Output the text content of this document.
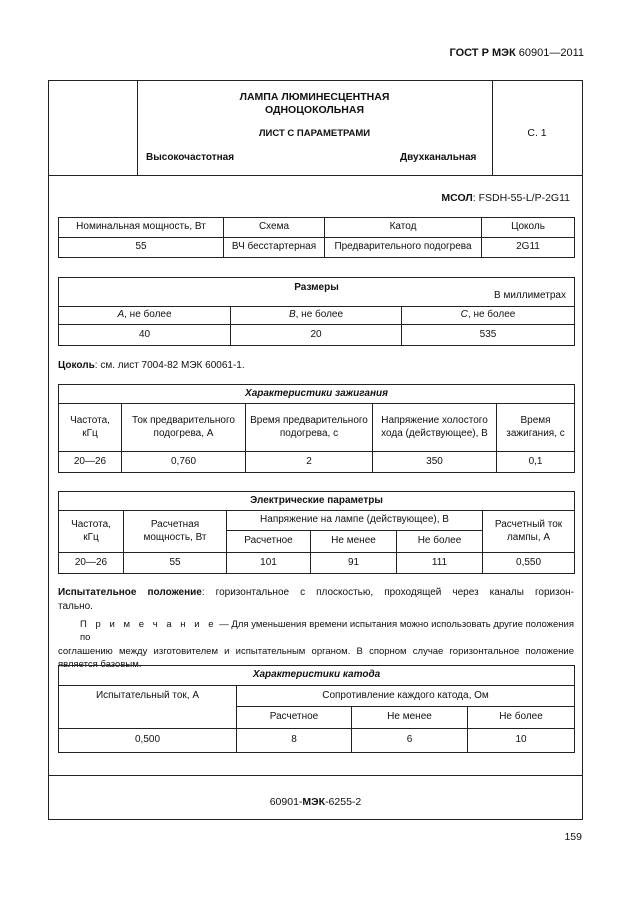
ГОСТ Р МЭК 60901—2011
ЛАМПА ЛЮМИНЕСЦЕНТНАЯ
ОДНОЦОКОЛЬНАЯ
ЛИСТ С ПАРАМЕТРАМИ
Высокочастотная	Двухканальная
С. 1
МСОЛ: FSDH-55-L/P-2G11
Номинальная мощность, Вт	Схема	Катод	Цоколь
55	ВЧ бесстартерная	Предварительного подогрева	2G11
Размеры
В миллиметрах		

A, не более	B, не более	C, не более
40	20	535
Цоколь: см. лист 7004-82 МЭК 60061-1.
Характеристики зажигания				
Частота, кГц	Ток предварительного подогрева, А	Время предварительного подогрева, с	Напряжение холостого хода (действующее), В	Время зажигания, с
20—26	0,760	2	350	0,1
Электрические параметры					
Частота, кГц	Расчетная мощность, Вт	Напряжение на лампе (действующее), В			Расчетный ток лампы, А
		Расчетное	Не менее	Не более	
20—26	55	101	91	111	0,550

Испытательное положение: горизонтальное с плоскостью, проходящей через каналы горизон-

тально.

П р и м е ч а н и е — Для уменьшения времени испытания можно использовать другие положения по

соглашению между изготовителем и испытательным органом. В спорном случае горизонтальное положение

является базовым.

Характеристики катода			
Испытательный ток, А	Сопротивление каждого катода, Ом		
	Расчетное	Не менее	Не более
0,500	8	6	10
60901-МЭК-6255-2
159
